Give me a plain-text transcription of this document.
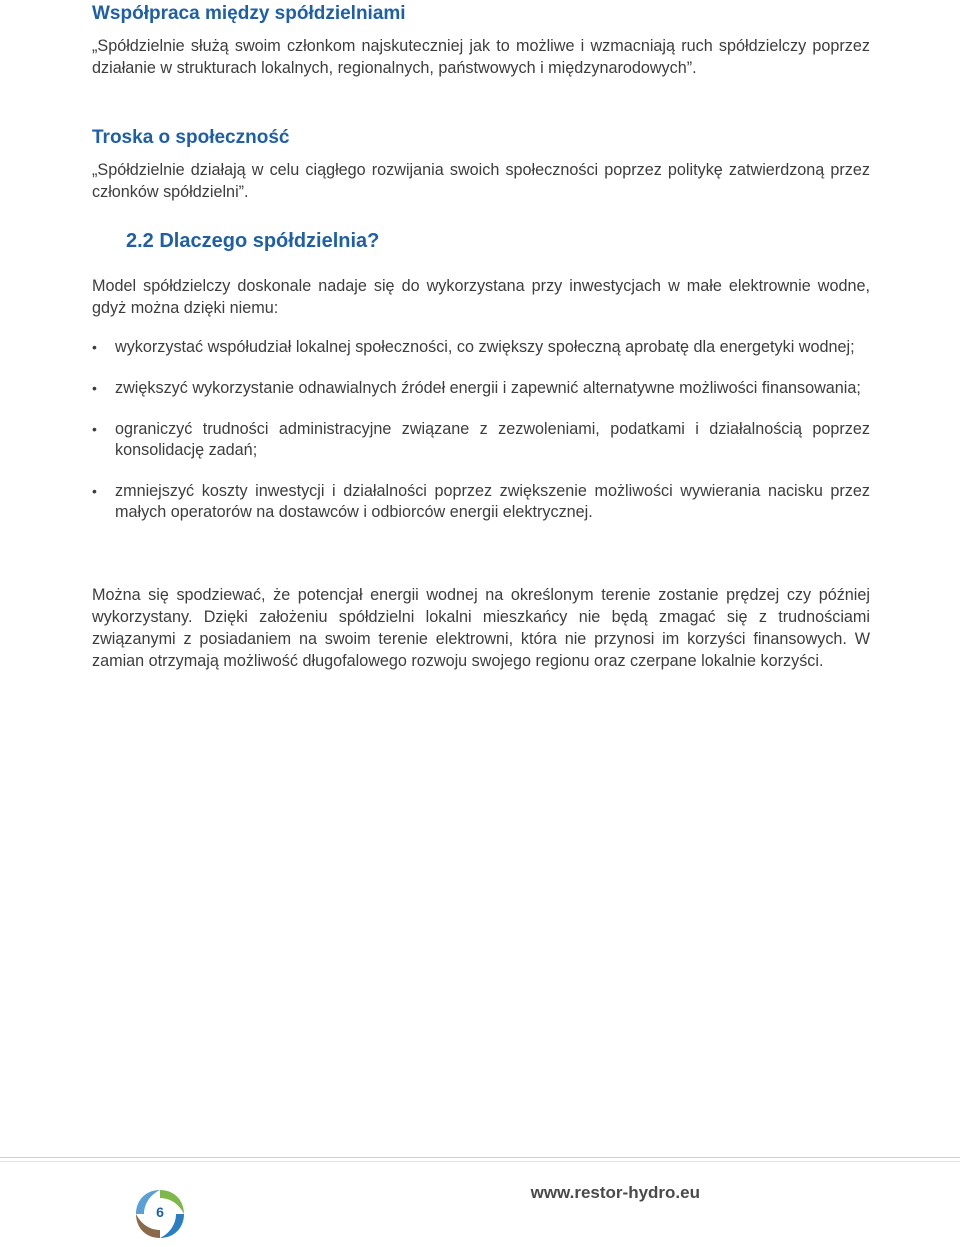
Współpraca między spółdzielniami

„Spółdzielnie służą swoim członkom najskuteczniej jak to możliwe i wzmacniają ruch spółdzielczy poprzez działanie w strukturach lokalnych, regionalnych, państwowych i międzynarodowych”.

Troska o społeczność

„Spółdzielnie działają w celu ciągłego rozwijania swoich społeczności poprzez politykę zatwierdzoną przez członków spółdzielni”.

2.2 Dlaczego spółdzielnia?

Model spółdzielczy doskonale nadaje się do wykorzystana przy inwestycjach w małe elektrownie wodne, gdyż można dzięki niemu:

• wykorzystać współudział lokalnej społeczności, co zwiększy społeczną aprobatę dla energetyki wodnej;
• zwiększyć wykorzystanie odnawialnych źródeł energii i zapewnić alternatywne możliwości finansowania;
• ograniczyć trudności administracyjne związane z zezwoleniami, podatkami i działalnością poprzez konsolidację zadań;
• zmniejszyć koszty inwestycji i działalności poprzez zwiększenie możliwości wywierania nacisku przez małych operatorów na dostawców i odbiorców energii elektrycznej.

Można się spodziewać, że potencjał energii wodnej na określonym terenie zostanie prędzej czy później wykorzystany. Dzięki założeniu spółdzielni lokalni mieszkańcy nie będą zmagać się z trudnościami związanymi z posiadaniem na swoim terenie elektrowni, która nie przynosi im korzyści finansowych. W zamian otrzymają możliwość długofalowego rozwoju swojego regionu oraz czerpane lokalnie korzyści.

6
www.restor-hydro.eu
